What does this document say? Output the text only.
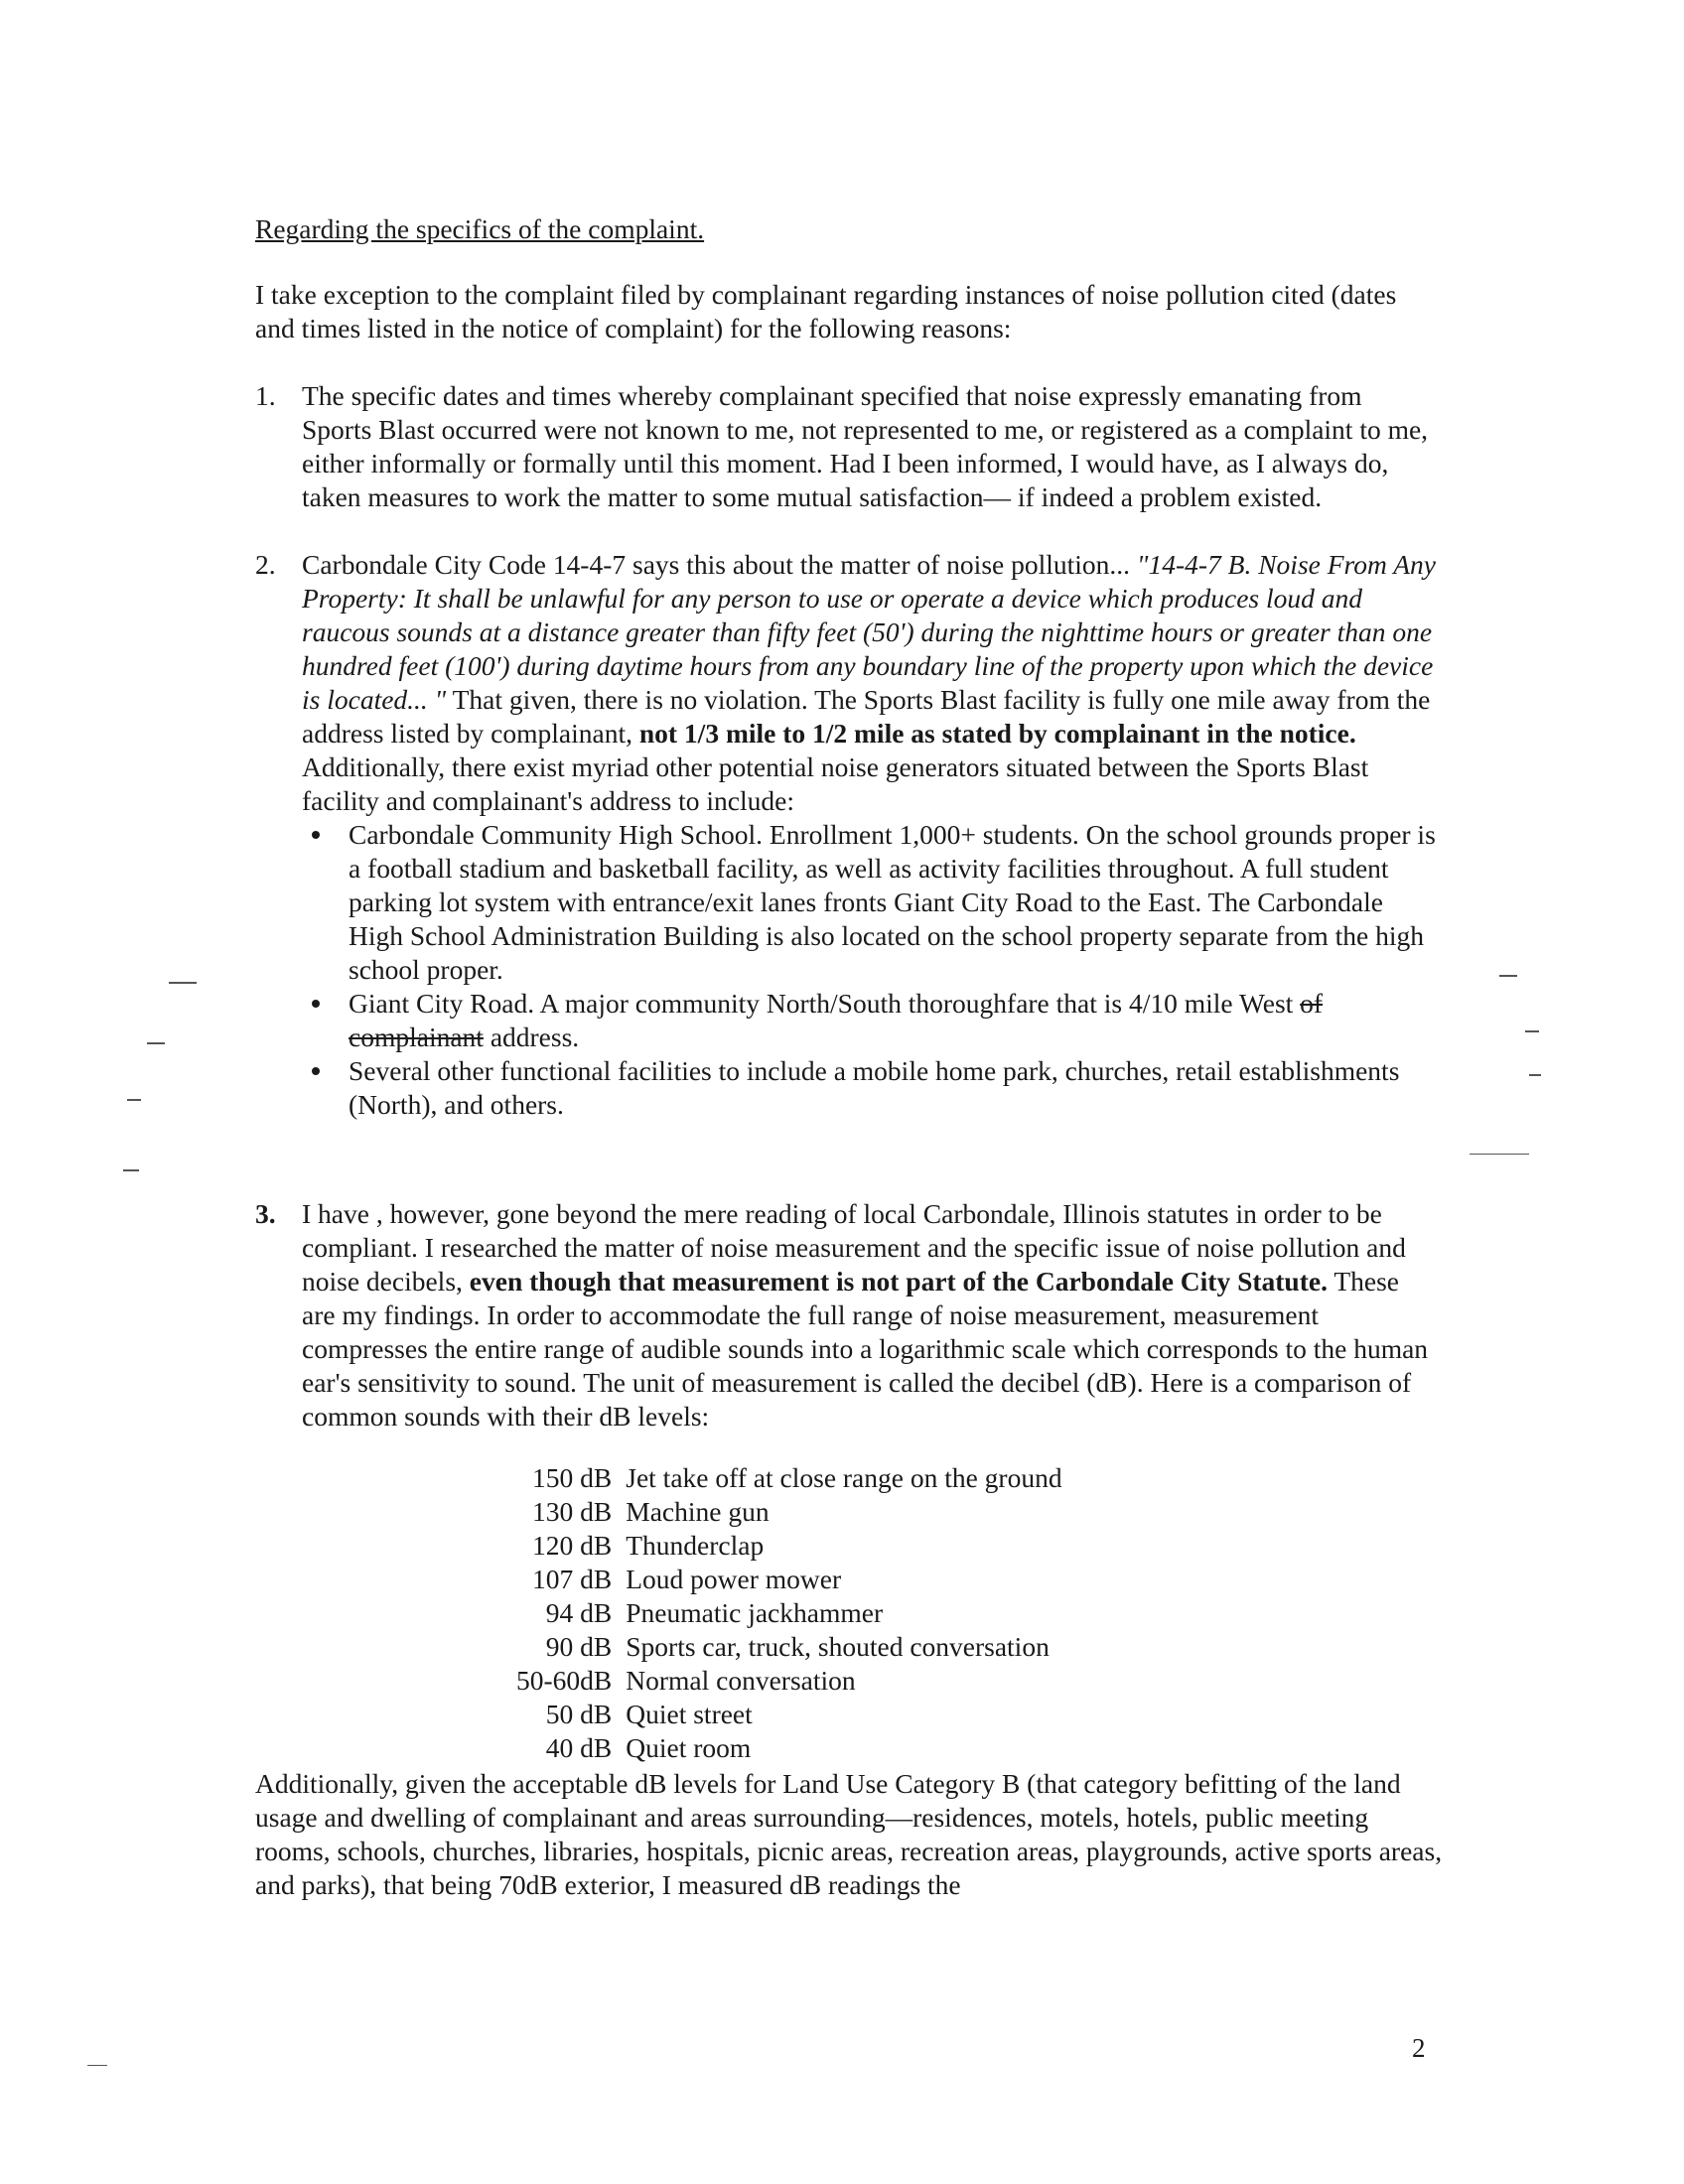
Regarding the specifics of the complaint.
I take exception to the complaint filed by complainant regarding instances of noise pollution cited (dates and times listed in the notice of complaint) for the following reasons:
1. The specific dates and times whereby complainant specified that noise expressly emanating from Sports Blast occurred were not known to me, not represented to me, or registered as a complaint to me, either informally or formally until this moment. Had I been informed, I would have, as I always do, taken measures to work the matter to some mutual satisfaction— if indeed a problem existed.
2. Carbondale City Code 14-4-7 says this about the matter of noise pollution... "14-4-7 B. Noise From Any Property: It shall be unlawful for any person to use or operate a device which produces loud and raucous sounds at a distance greater than fifty feet (50') during the nighttime hours or greater than one hundred feet (100') during daytime hours from any boundary line of the property upon which the device is located... " That given, there is no violation. The Sports Blast facility is fully one mile away from the address listed by complainant, not 1/3 mile to 1/2 mile as stated by complainant in the notice. Additionally, there exist myriad other potential noise generators situated between the Sports Blast facility and complainant's address to include:
Carbondale Community High School. Enrollment 1,000+ students. On the school grounds proper is a football stadium and basketball facility, as well as activity facilities throughout. A full student parking lot system with entrance/exit lanes fronts Giant City Road to the East. The Carbondale High School Administration Building is also located on the school property separate from the high school proper.
Giant City Road. A major community North/South thoroughfare that is 4/10 mile West of complainant address.
Several other functional facilities to include a mobile home park, churches, retail establishments (North), and others.
3. I have , however, gone beyond the mere reading of local Carbondale, Illinois statutes in order to be compliant. I researched the matter of noise measurement and the specific issue of noise pollution and noise decibels, even though that measurement is not part of the Carbondale City Statute. These are my findings. In order to accommodate the full range of noise measurement, measurement compresses the entire range of audible sounds into a logarithmic scale which corresponds to the human ear's sensitivity to sound. The unit of measurement is called the decibel (dB). Here is a comparison of common sounds with their dB levels:
150 dB	Jet take off at close range on the ground
130 dB	Machine gun
120 dB	Thunderclap
107 dB	Loud power mower
94 dB	Pneumatic jackhammer
90 dB	Sports car, truck, shouted conversation
50-60dB	Normal conversation
50 dB	Quiet street
40 dB	Quiet room
Additionally, given the acceptable dB levels for Land Use Category B (that category befitting of the land usage and dwelling of complainant and areas surrounding—residences, motels, hotels, public meeting rooms, schools, churches, libraries, hospitals, picnic areas, recreation areas, playgrounds, active sports areas, and parks), that being 70dB exterior, I measured dB readings the
2
